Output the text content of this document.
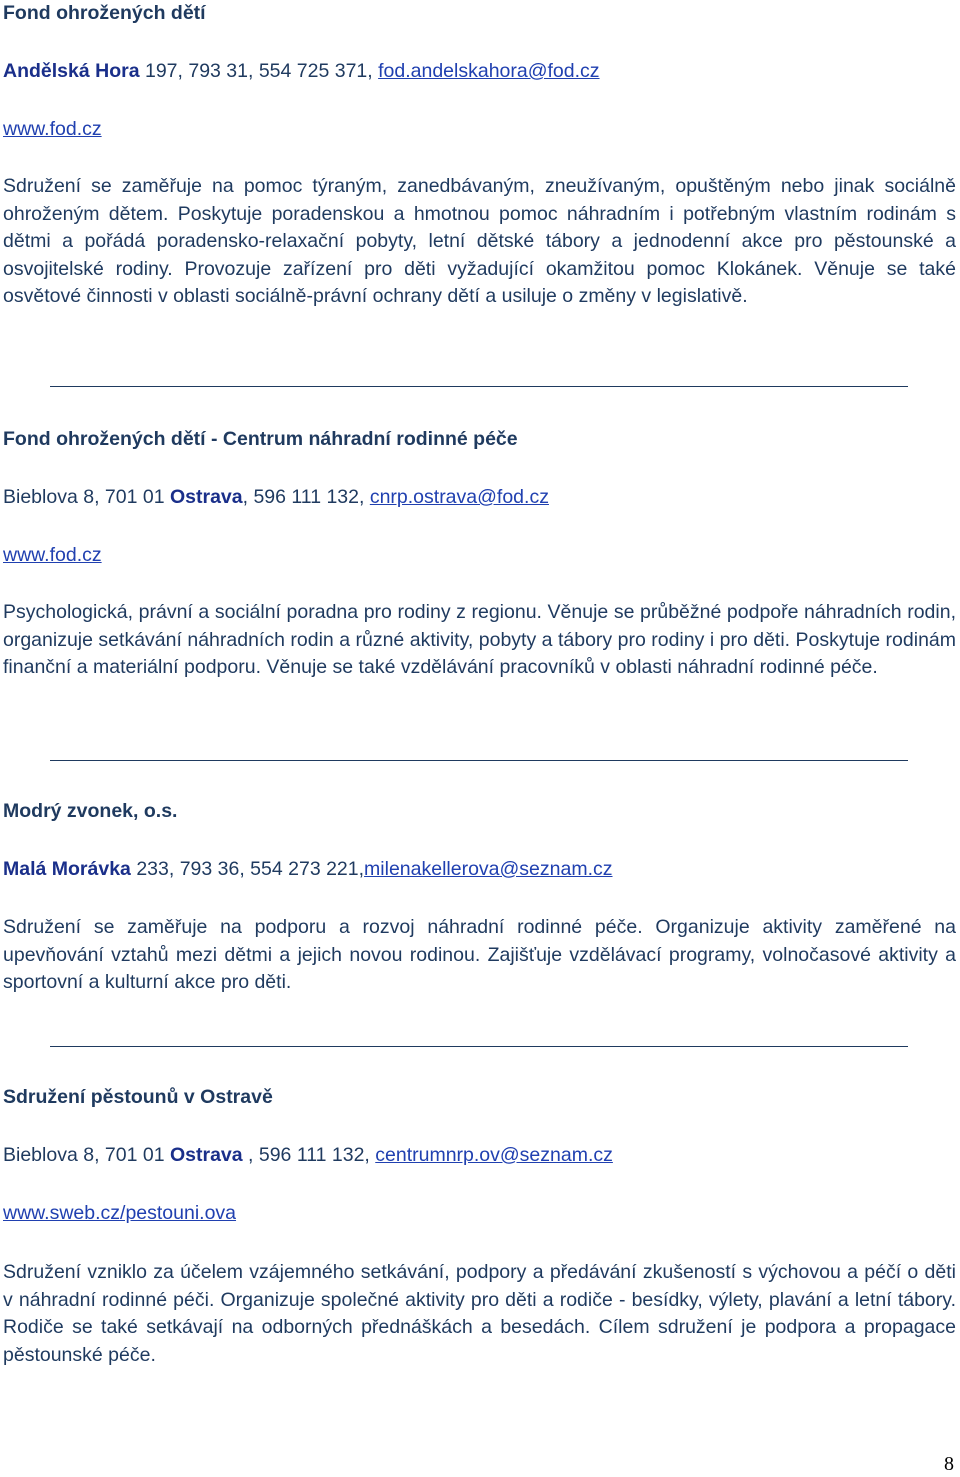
Fond ohrožených dětí
Andělská Hora 197, 793 31, 554 725 371, fod.andelskahora@fod.cz
www.fod.cz

Sdružení se zaměřuje na pomoc týraným, zanedbávaným, zneužívaným, opuštěným nebo jinak sociálně ohroženým dětem. Poskytuje poradenskou a hmotnou pomoc náhradním i potřebným vlastním rodinám s dětmi a pořádá poradensko-relaxační pobyty, letní dětské tábory a jednodenní akce pro pěstounské a osvojitelské rodiny. Provozuje zařízení pro děti vyžadující okamžitou pomoc Klokánek. Věnuje se také osvětové činnosti v oblasti sociálně-právní ochrany dětí a usiluje o změny v legislativě.

Fond ohrožených dětí - Centrum náhradní rodinné péče
Bieblova 8, 701 01 Ostrava, 596 111 132, cnrp.ostrava@fod.cz
www.fod.cz

Psychologická, právní a sociální poradna pro rodiny z regionu. Věnuje se průběžné podpoře náhradních rodin, organizuje setkávání náhradních rodin a různé aktivity, pobyty a tábory pro rodiny i pro děti. Poskytuje rodinám finanční a materiální podporu. Věnuje se také vzdělávání pracovníků v oblasti náhradní rodinné péče.

Modrý zvonek, o.s.
Malá Morávka 233, 793 36, 554 273 221,milenakellerova@seznam.cz

Sdružení se zaměřuje na podporu a rozvoj náhradní rodinné péče. Organizuje aktivity zaměřené na upevňování vztahů mezi dětmi a jejich novou rodinou. Zajišťuje vzdělávací programy, volnočasové aktivity a sportovní a kulturní akce pro děti.

Sdružení pěstounů v Ostravě
Bieblova 8, 701 01 Ostrava , 596 111 132, centrumnrp.ov@seznam.cz
www.sweb.cz/pestouni.ova

Sdružení vzniklo za účelem vzájemného setkávání, podpory a předávání zkušeností s výchovou a péčí o děti v náhradní rodinné péči. Organizuje společné aktivity pro děti a rodiče - besídky, výlety, plavání a letní tábory. Rodiče se také setkávají na odborných přednáškách a besedách. Cílem sdružení je podpora a propagace pěstounské péče.

8
